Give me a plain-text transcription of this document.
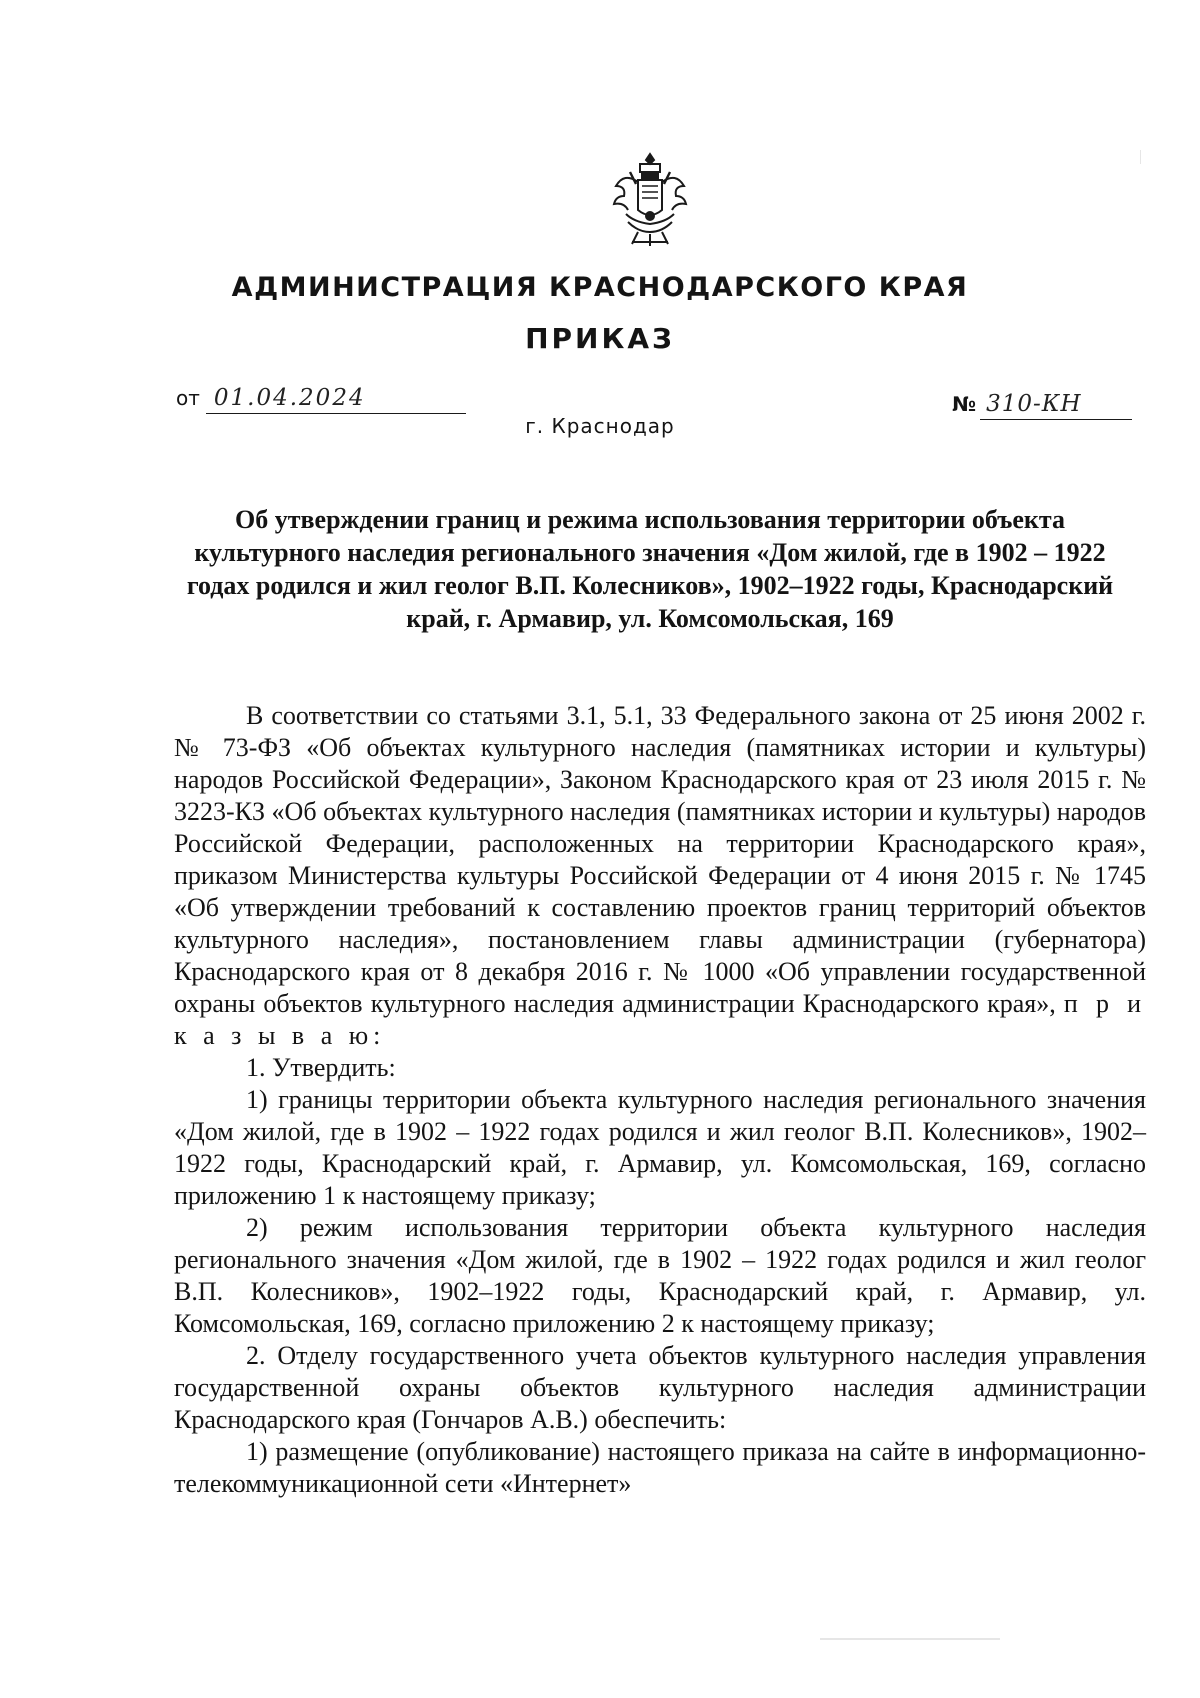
АДМИНИСТРАЦИЯ КРАСНОДАРСКОГО КРАЯ
ПРИКАЗ
от 01.04.2024
г. Краснодар
№ 310-КН
Об утверждении границ и режима использования территории объекта культурного наследия регионального значения «Дом жилой, где в 1902 – 1922 годах родился и жил геолог В.П. Колесников», 1902–1922 годы, Краснодарский край, г. Армавир, ул. Комсомольская, 169

В соответствии со статьями 3.1, 5.1, 33 Федерального закона от 25 июня 2002 г. № 73-ФЗ «Об объектах культурного наследия (памятниках истории и культуры) народов Российской Федерации», Законом Краснодарского края от 23 июля 2015 г. № 3223-КЗ «Об объектах культурного наследия (памятниках истории и культуры) народов Российской Федерации, расположенных на территории Краснодарского края», приказом Министерства культуры Российской Федерации от 4 июня 2015 г. № 1745 «Об утверждении требований к составлению проектов границ территорий объектов культурного наследия», постановлением главы администрации (губернатора) Краснодарского края от 8 декабря 2016 г. № 1000 «Об управлении государственной охраны объектов культурного наследия администрации Краснодарского края», п р и к а з ы в а ю:

1. Утвердить:

1) границы территории объекта культурного наследия регионального значения «Дом жилой, где в 1902 – 1922 годах родился и жил геолог В.П. Колесников», 1902–1922 годы, Краснодарский край, г. Армавир, ул. Комсомольская, 169, согласно приложению 1 к настоящему приказу;

2) режим использования территории объекта культурного наследия регионального значения «Дом жилой, где в 1902 – 1922 годах родился и жил геолог В.П. Колесников», 1902–1922 годы, Краснодарский край, г. Армавир, ул. Комсомольская, 169, согласно приложению 2 к настоящему приказу;

2. Отделу государственного учета объектов культурного наследия управления государственной охраны объектов культурного наследия администрации Краснодарского края (Гончаров А.В.) обеспечить:

1) размещение (опубликование) настоящего приказа на сайте в информационно-телекоммуникационной сети «Интернет»
